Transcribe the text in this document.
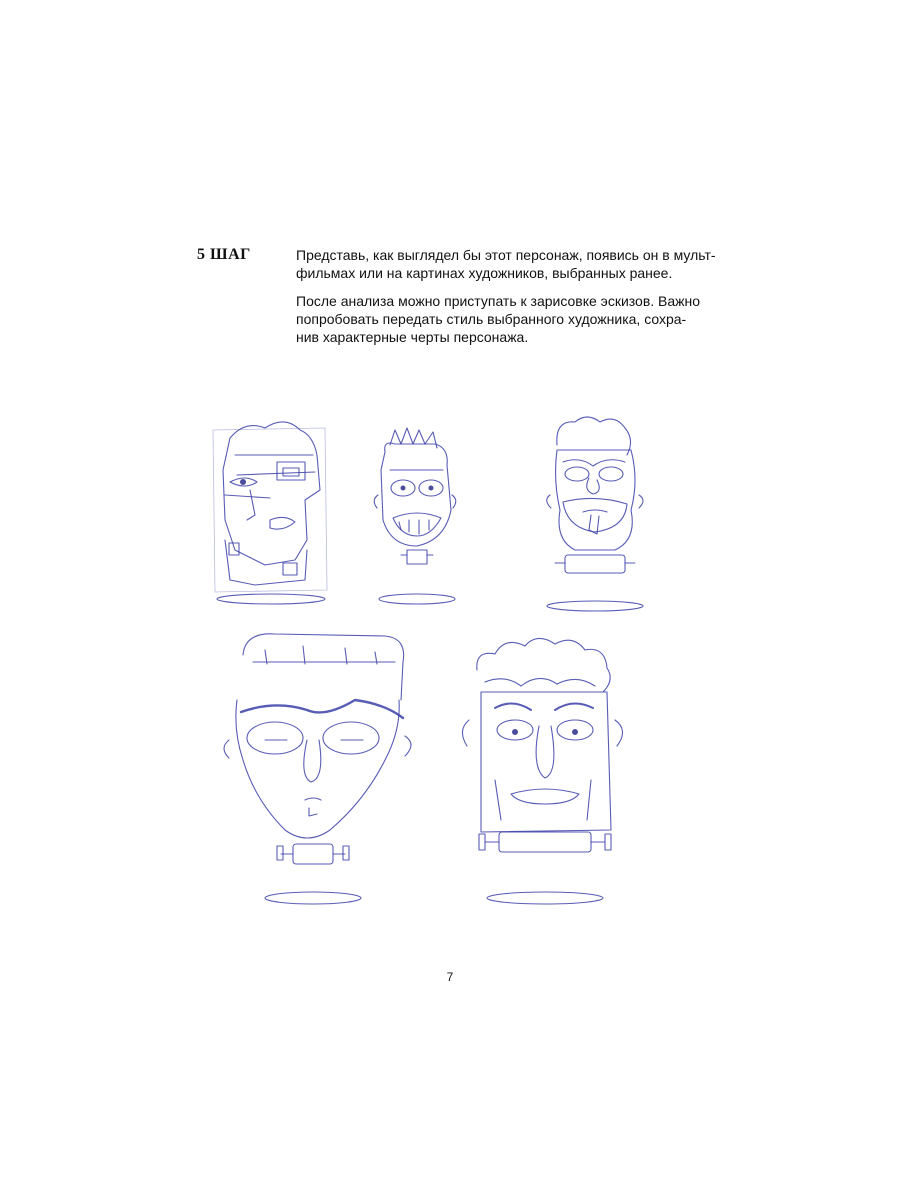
5 ШАГ	Представь, как выглядел бы этот персонаж, появись он в мульт-
фильмах или на картинах художников, выбранных ранее.

После анализа можно приступать к зарисовке эскизов. Важно
попробовать передать стиль выбранного художника, сохра-
нив характерные черты персонажа.

7
